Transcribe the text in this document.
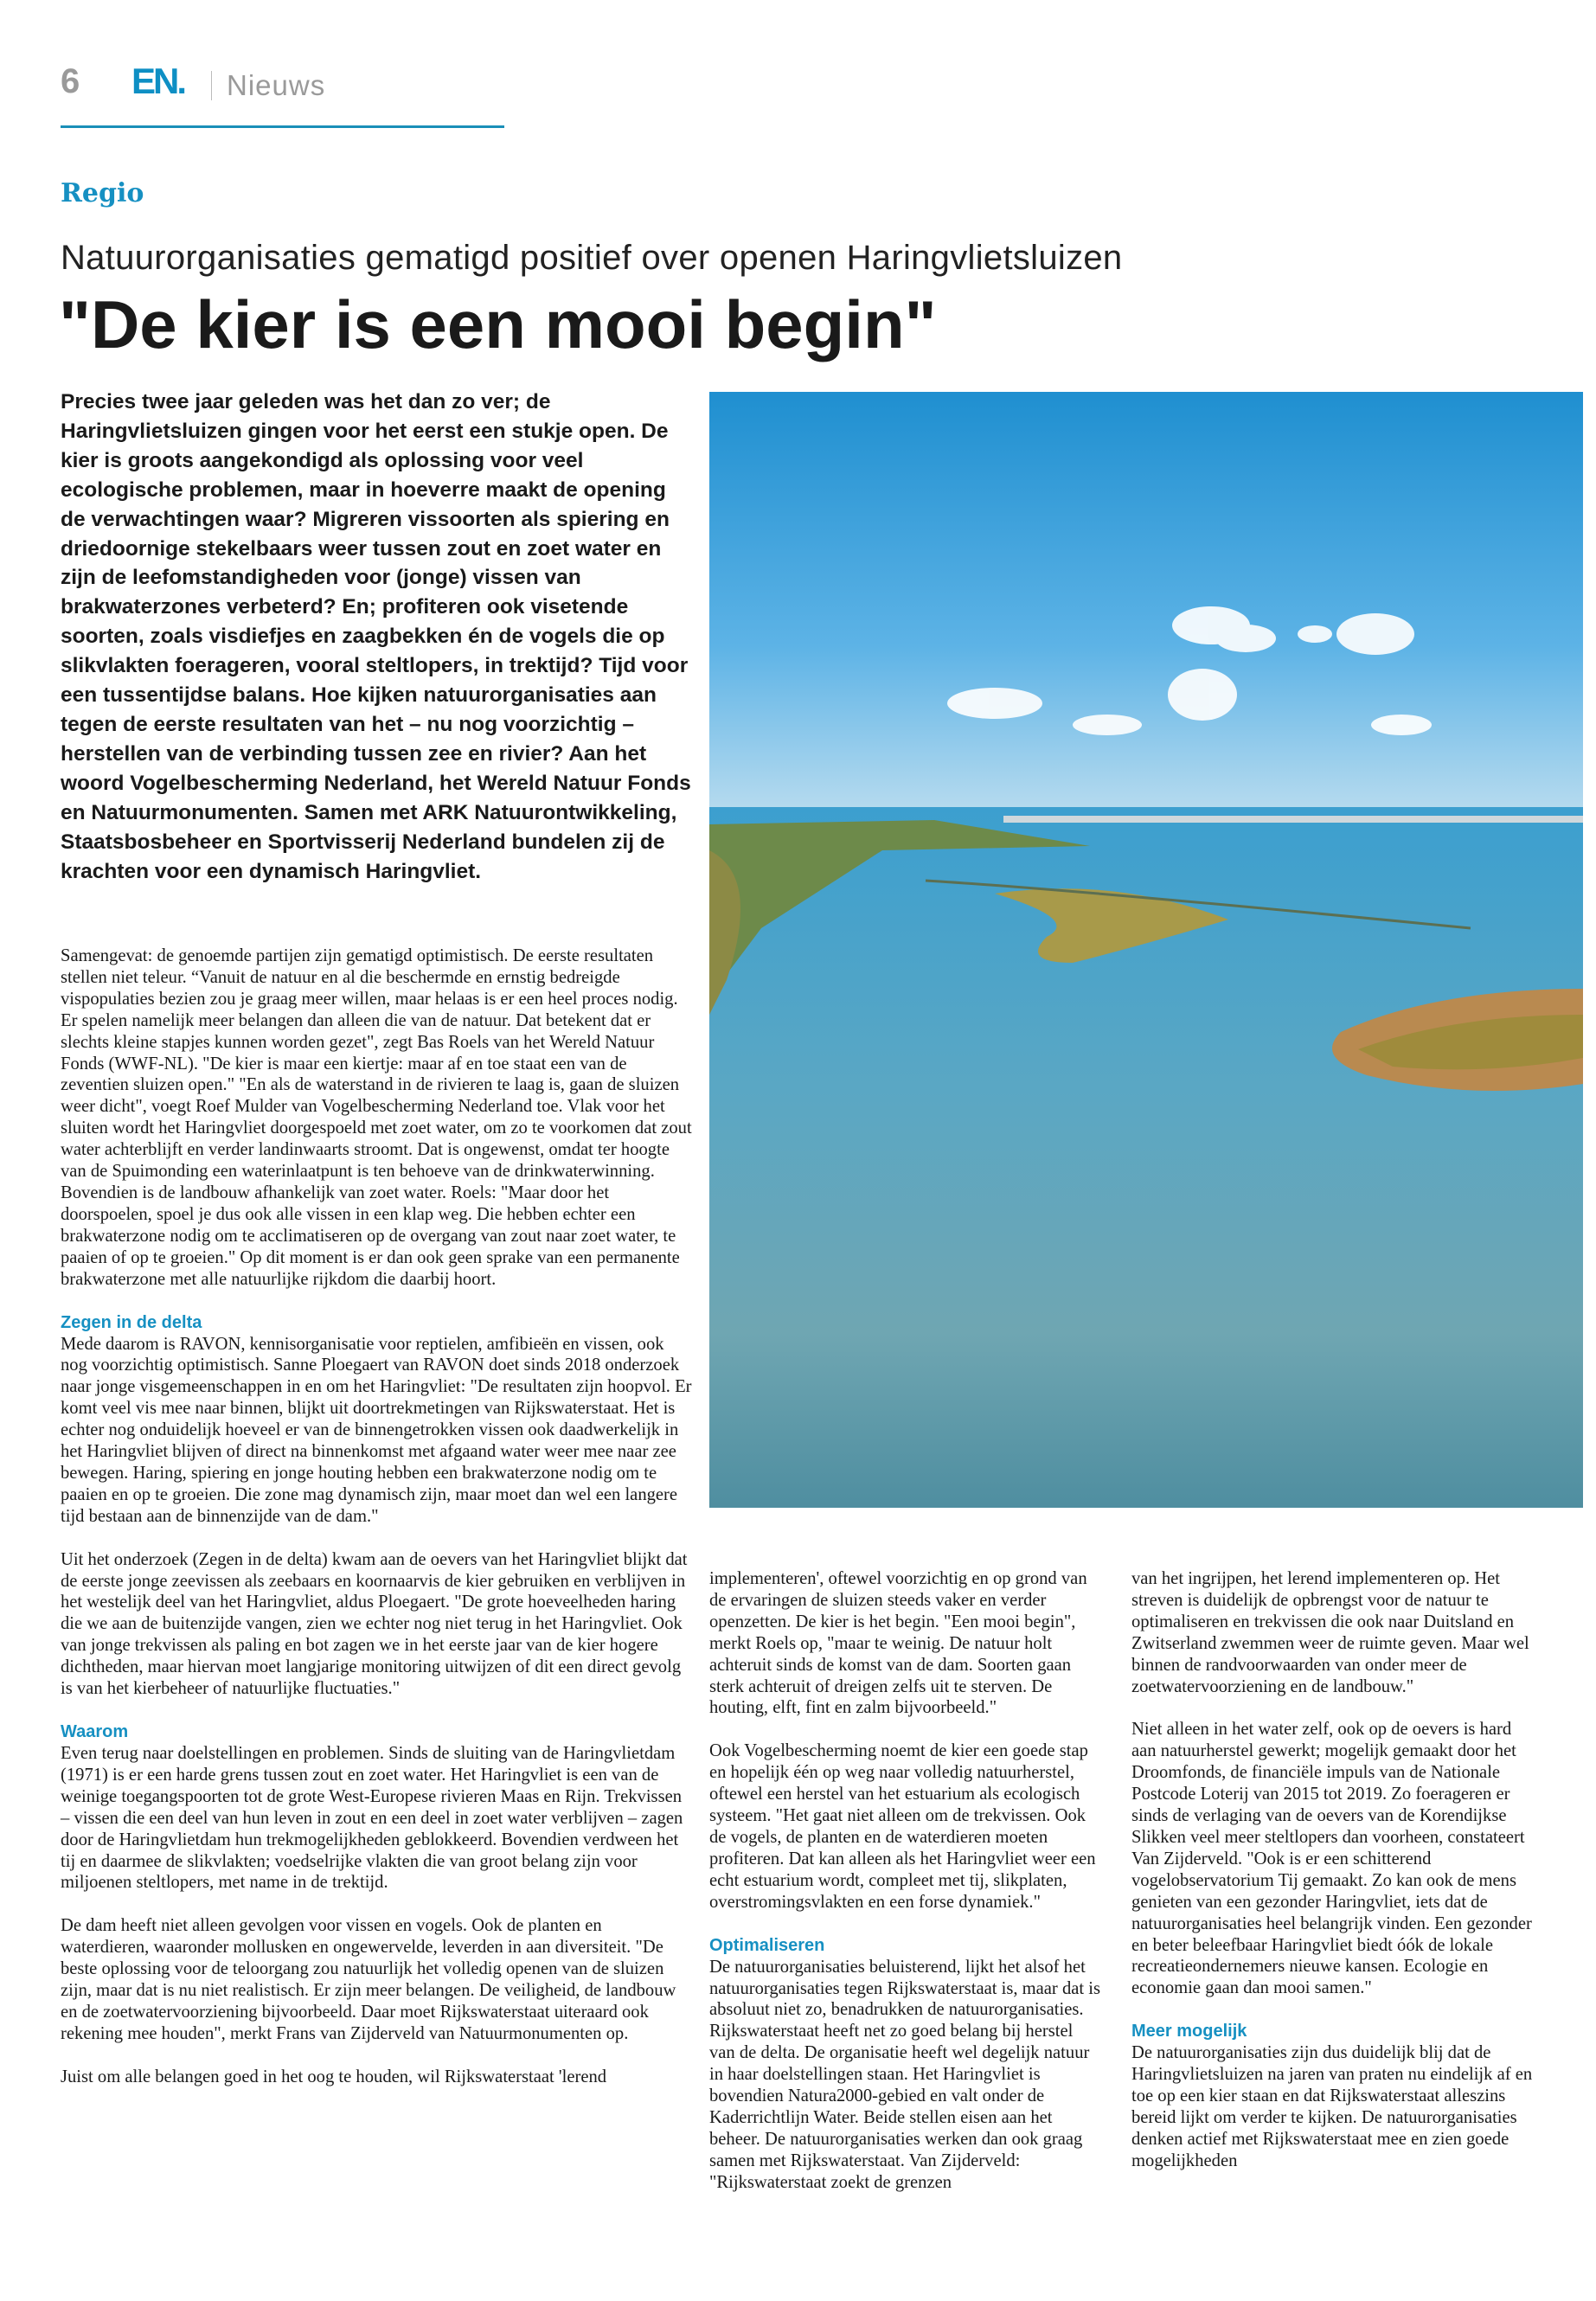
6 EN. Nieuws
Regio
Natuurorganisaties gematigd positief over openen Haringvlietsluizen
"De kier is een mooi begin"
Precies twee jaar geleden was het dan zo ver; de Haringvlietsluizen gingen voor het eerst een stukje open. De kier is groots aangekondigd als oplossing voor veel ecologische problemen, maar in hoeverre maakt de opening de verwachtingen waar? Migreren vissoorten als spiering en driedoornige stekelbaars weer tussen zout en zoet water en zijn de leefomstandigheden voor (jonge) vissen van brakwaterzones verbeterd? En; profiteren ook visetende soorten, zoals visdiefjes en zaagbekken én de vogels die op slikvlakten foerageren, vooral steltlopers, in trektijd? Tijd voor een tussentijdse balans. Hoe kijken natuurorganisaties aan tegen de eerste resultaten van het – nu nog voorzichtig – herstellen van de verbinding tussen zee en rivier? Aan het woord Vogelbescherming Nederland, het Wereld Natuur Fonds en Natuurmonumenten. Samen met ARK Natuurontwikkeling, Staatsbosbeheer en Sportvisserij Nederland bundelen zij de krachten voor een dynamisch Haringvliet.

Samengevat: de genoemde partijen zijn gematigd optimistisch. De eerste resultaten stellen niet teleur. “Vanuit de natuur en al die beschermde en ernstig bedreigde vispopulaties bezien zou je graag meer willen, maar helaas is er een heel proces nodig. Er spelen namelijk meer belangen dan alleen die van de natuur. Dat betekent dat er slechts kleine stapjes kunnen worden gezet", zegt Bas Roels van het Wereld Natuur Fonds (WWF-NL). "De kier is maar een kiertje: maar af en toe staat een van de zeventien sluizen open." "En als de waterstand in de rivieren te laag is, gaan de sluizen weer dicht", voegt Roef Mulder van Vogelbescherming Nederland toe. Vlak voor het sluiten wordt het Haringvliet doorgespoeld met zoet water, om zo te voorkomen dat zout water achterblijft en verder landinwaarts stroomt. Dat is ongewenst, omdat ter hoogte van de Spuimonding een waterinlaatpunt is ten behoeve van de drinkwaterwinning. Bovendien is de landbouw afhankelijk van zoet water. Roels: "Maar door het doorspoelen, spoel je dus ook alle vissen in een klap weg. Die hebben echter een brakwaterzone nodig om te acclimatiseren op de overgang van zout naar zoet water, te paaien of op te groeien." Op dit moment is er dan ook geen sprake van een permanente brakwaterzone met alle natuurlijke rijkdom die daarbij hoort.

Zegen in de delta

Mede daarom is RAVON, kennisorganisatie voor reptielen, amfibieën en vissen, ook nog voorzichtig optimistisch. Sanne Ploegaert van RAVON doet sinds 2018 onderzoek naar jonge visgemeenschappen in en om het Haringvliet: "De resultaten zijn hoopvol. Er komt veel vis mee naar binnen, blijkt uit doortrekmetingen van Rijkswaterstaat. Het is echter nog onduidelijk hoeveel er van de binnengetrokken vissen ook daadwerkelijk in het Haringvliet blijven of direct na binnenkomst met afgaand water weer mee naar zee bewegen. Haring, spiering en jonge houting hebben een brakwaterzone nodig om te paaien en op te groeien. Die zone mag dynamisch zijn, maar moet dan wel een langere tijd bestaan aan de binnenzijde van de dam."

Uit het onderzoek (Zegen in de delta) kwam aan de oevers van het Haringvliet blijkt dat de eerste jonge zeevissen als zeebaars en koornaarvis de kier gebruiken en verblijven in het westelijk deel van het Haringvliet, aldus Ploegaert. "De grote hoeveelheden haring die we aan de buitenzijde vangen, zien we echter nog niet terug in het Haringvliet. Ook van jonge trekvissen als paling en bot zagen we in het eerste jaar van de kier hogere dichtheden, maar hiervan moet langjarige monitoring uitwijzen of dit een direct gevolg is van het kierbeheer of natuurlijke fluctuaties."

Waarom

Even terug naar doelstellingen en problemen. Sinds de sluiting van de Haringvlietdam (1971) is er een harde grens tussen zout en zoet water. Het Haringvliet is een van de weinige toegangspoorten tot de grote West-Europese rivieren Maas en Rijn. Trekvissen – vissen die een deel van hun leven in zout en een deel in zoet water verblijven – zagen door de Haringvlietdam hun trekmogelijkheden geblokkeerd. Bovendien verdween het tij en daarmee de slikvlakten; voedselrijke vlakten die van groot belang zijn voor miljoenen steltlopers, met name in de trektijd.

De dam heeft niet alleen gevolgen voor vissen en vogels. Ook de planten en waterdieren, waaronder mollusken en ongewervelde, leverden in aan diversiteit. "De beste oplossing voor de teloorgang zou natuurlijk het volledig openen van de sluizen zijn, maar dat is nu niet realistisch. Er zijn meer belangen. De veiligheid, de landbouw en de zoetwatervoorziening bijvoorbeeld. Daar moet Rijkswaterstaat uiteraard ook rekening mee houden", merkt Frans van Zijderveld van Natuurmonumenten op.

Juist om alle belangen goed in het oog te houden, wil Rijkswaterstaat 'lerend

implementeren', oftewel voorzichtig en op grond van de ervaringen de sluizen steeds vaker en verder openzetten. De kier is het begin. "Een mooi begin", merkt Roels op, "maar te weinig. De natuur holt achteruit sinds de komst van de dam. Soorten gaan sterk achteruit of dreigen zelfs uit te sterven. De houting, elft, fint en zalm bijvoorbeeld."

Ook Vogelbescherming noemt de kier een goede stap en hopelijk één op weg naar volledig natuurherstel, oftewel een herstel van het estuarium als ecologisch systeem. "Het gaat niet alleen om de trekvissen. Ook de vogels, de planten en de waterdieren moeten profiteren. Dat kan alleen als het Haringvliet weer een echt estuarium wordt, compleet met tij, slikplaten, overstromingsvlakten en een forse dynamiek."

Optimaliseren

De natuurorganisaties beluisterend, lijkt het alsof het natuurorganisaties tegen Rijkswaterstaat is, maar dat is absoluut niet zo, benadrukken de natuurorganisaties. Rijkswaterstaat heeft net zo goed belang bij herstel van de delta. De organisatie heeft wel degelijk natuur in haar doelstellingen staan. Het Haringvliet is bovendien Natura2000-gebied en valt onder de Kaderrichtlijn Water. Beide stellen eisen aan het beheer. De natuurorganisaties werken dan ook graag samen met Rijkswaterstaat. Van Zijderveld: "Rijkswaterstaat zoekt de grenzen

van het ingrijpen, het lerend implementeren op. Het streven is duidelijk de opbrengst voor de natuur te optimaliseren en trekvissen die ook naar Duitsland en Zwitserland zwemmen weer de ruimte geven. Maar wel binnen de randvoorwaarden van onder meer de zoetwatervoorziening en de landbouw."

Niet alleen in het water zelf, ook op de oevers is hard aan natuurherstel gewerkt; mogelijk gemaakt door het Droomfonds, de financiële impuls van de Nationale Postcode Loterij van 2015 tot 2019. Zo foerageren er sinds de verlaging van de oevers van de Korendijkse Slikken veel meer steltlopers dan voorheen, constateert Van Zijderveld. "Ook is er een schitterend vogelobservatorium Tij gemaakt. Zo kan ook de mens genieten van een gezonder Haringvliet, iets dat de natuurorganisaties heel belangrijk vinden. Een gezonder en beter beleefbaar Haringvliet biedt óók de lokale recreatieondernemers nieuwe kansen. Ecologie en economie gaan dan mooi samen."

Meer mogelijk

De natuurorganisaties zijn dus duidelijk blij dat de Haringvlietsluizen na jaren van praten nu eindelijk af en toe op een kier staan en dat Rijkswaterstaat alleszins bereid lijkt om verder te kijken. De natuurorganisaties denken actief met Rijkswaterstaat mee en zien goede mogelijkheden
